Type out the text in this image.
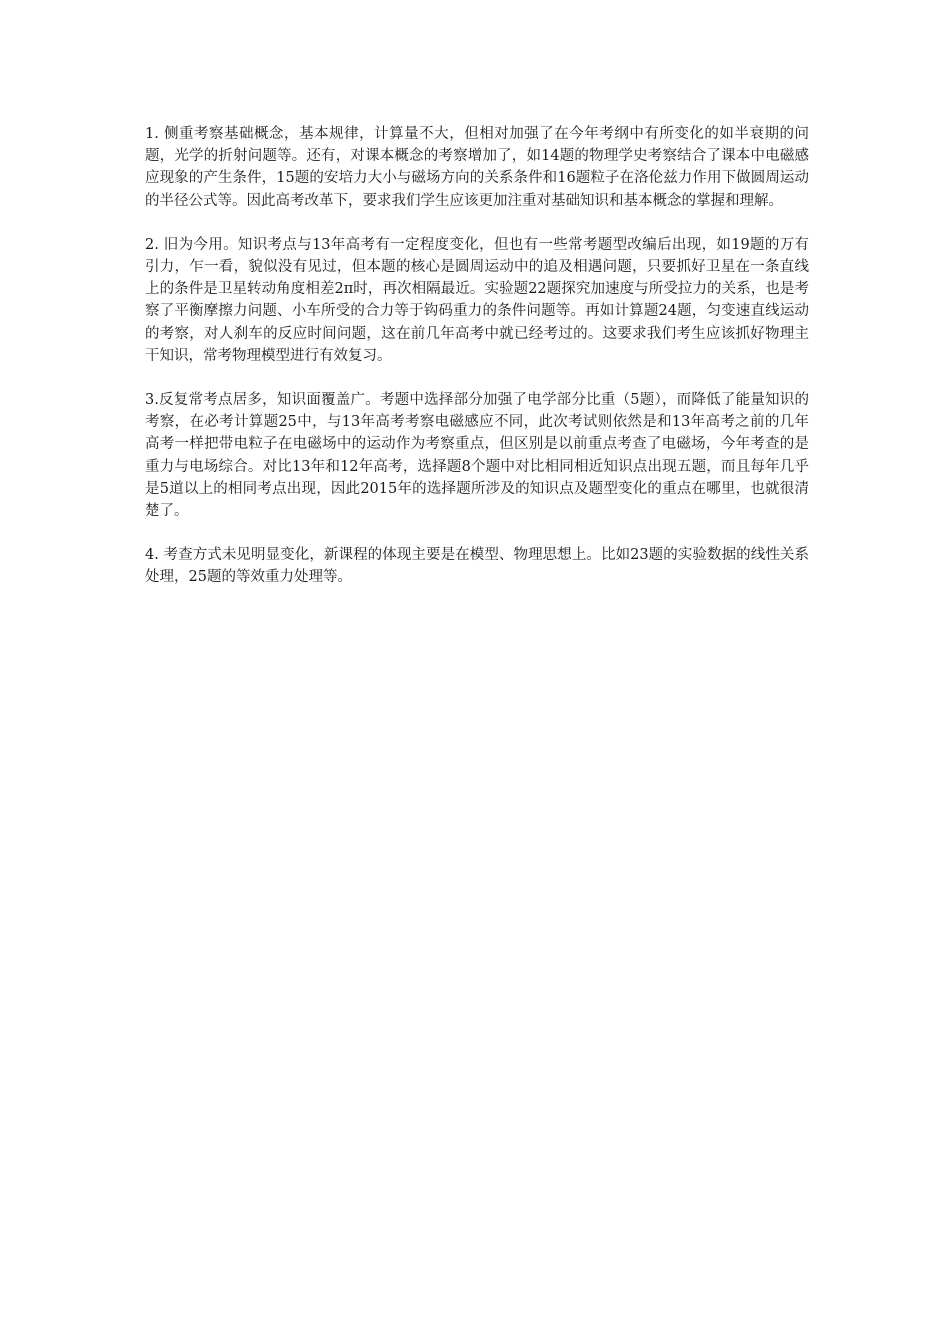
1. 侧重考察基础概念，基本规律，计算量不大，但相对加强了在今年考纲中有所变化的如半衰期的问题，光学的折射问题等。还有，对课本概念的考察增加了，如14题的物理学史考察结合了课本中电磁感应现象的产生条件，15题的安培力大小与磁场方向的关系条件和16题粒子在洛伦兹力作用下做圆周运动的半径公式等。因此高考改革下，要求我们学生应该更加注重对基础知识和基本概念的掌握和理解。

2. 旧为今用。知识考点与13年高考有一定程度变化，但也有一些常考题型改编后出现，如19题的万有引力，乍一看，貌似没有见过，但本题的核心是圆周运动中的追及相遇问题，只要抓好卫星在一条直线上的条件是卫星转动角度相差2π时，再次相隔最近。实验题22题探究加速度与所受拉力的关系，也是考察了平衡摩擦力问题、小车所受的合力等于钩码重力的条件问题等。再如计算题24题，匀变速直线运动的考察，对人刹车的反应时间问题，这在前几年高考中就已经考过的。这要求我们考生应该抓好物理主干知识，常考物理模型进行有效复习。

3.反复常考点居多，知识面覆盖广。考题中选择部分加强了电学部分比重（5题），而降低了能量知识的考察，在必考计算题25中，与13年高考考察电磁感应不同，此次考试则依然是和13年高考之前的几年高考一样把带电粒子在电磁场中的运动作为考察重点，但区别是以前重点考查了电磁场，今年考查的是重力与电场综合。对比13年和12年高考，选择题8个题中对比相同相近知识点出现五题，而且每年几乎是5道以上的相同考点出现，因此2015年的选择题所涉及的知识点及题型变化的重点在哪里，也就很清楚了。

4. 考查方式未见明显变化，新课程的体现主要是在模型、物理思想上。比如23题的实验数据的线性关系处理，25题的等效重力处理等。
